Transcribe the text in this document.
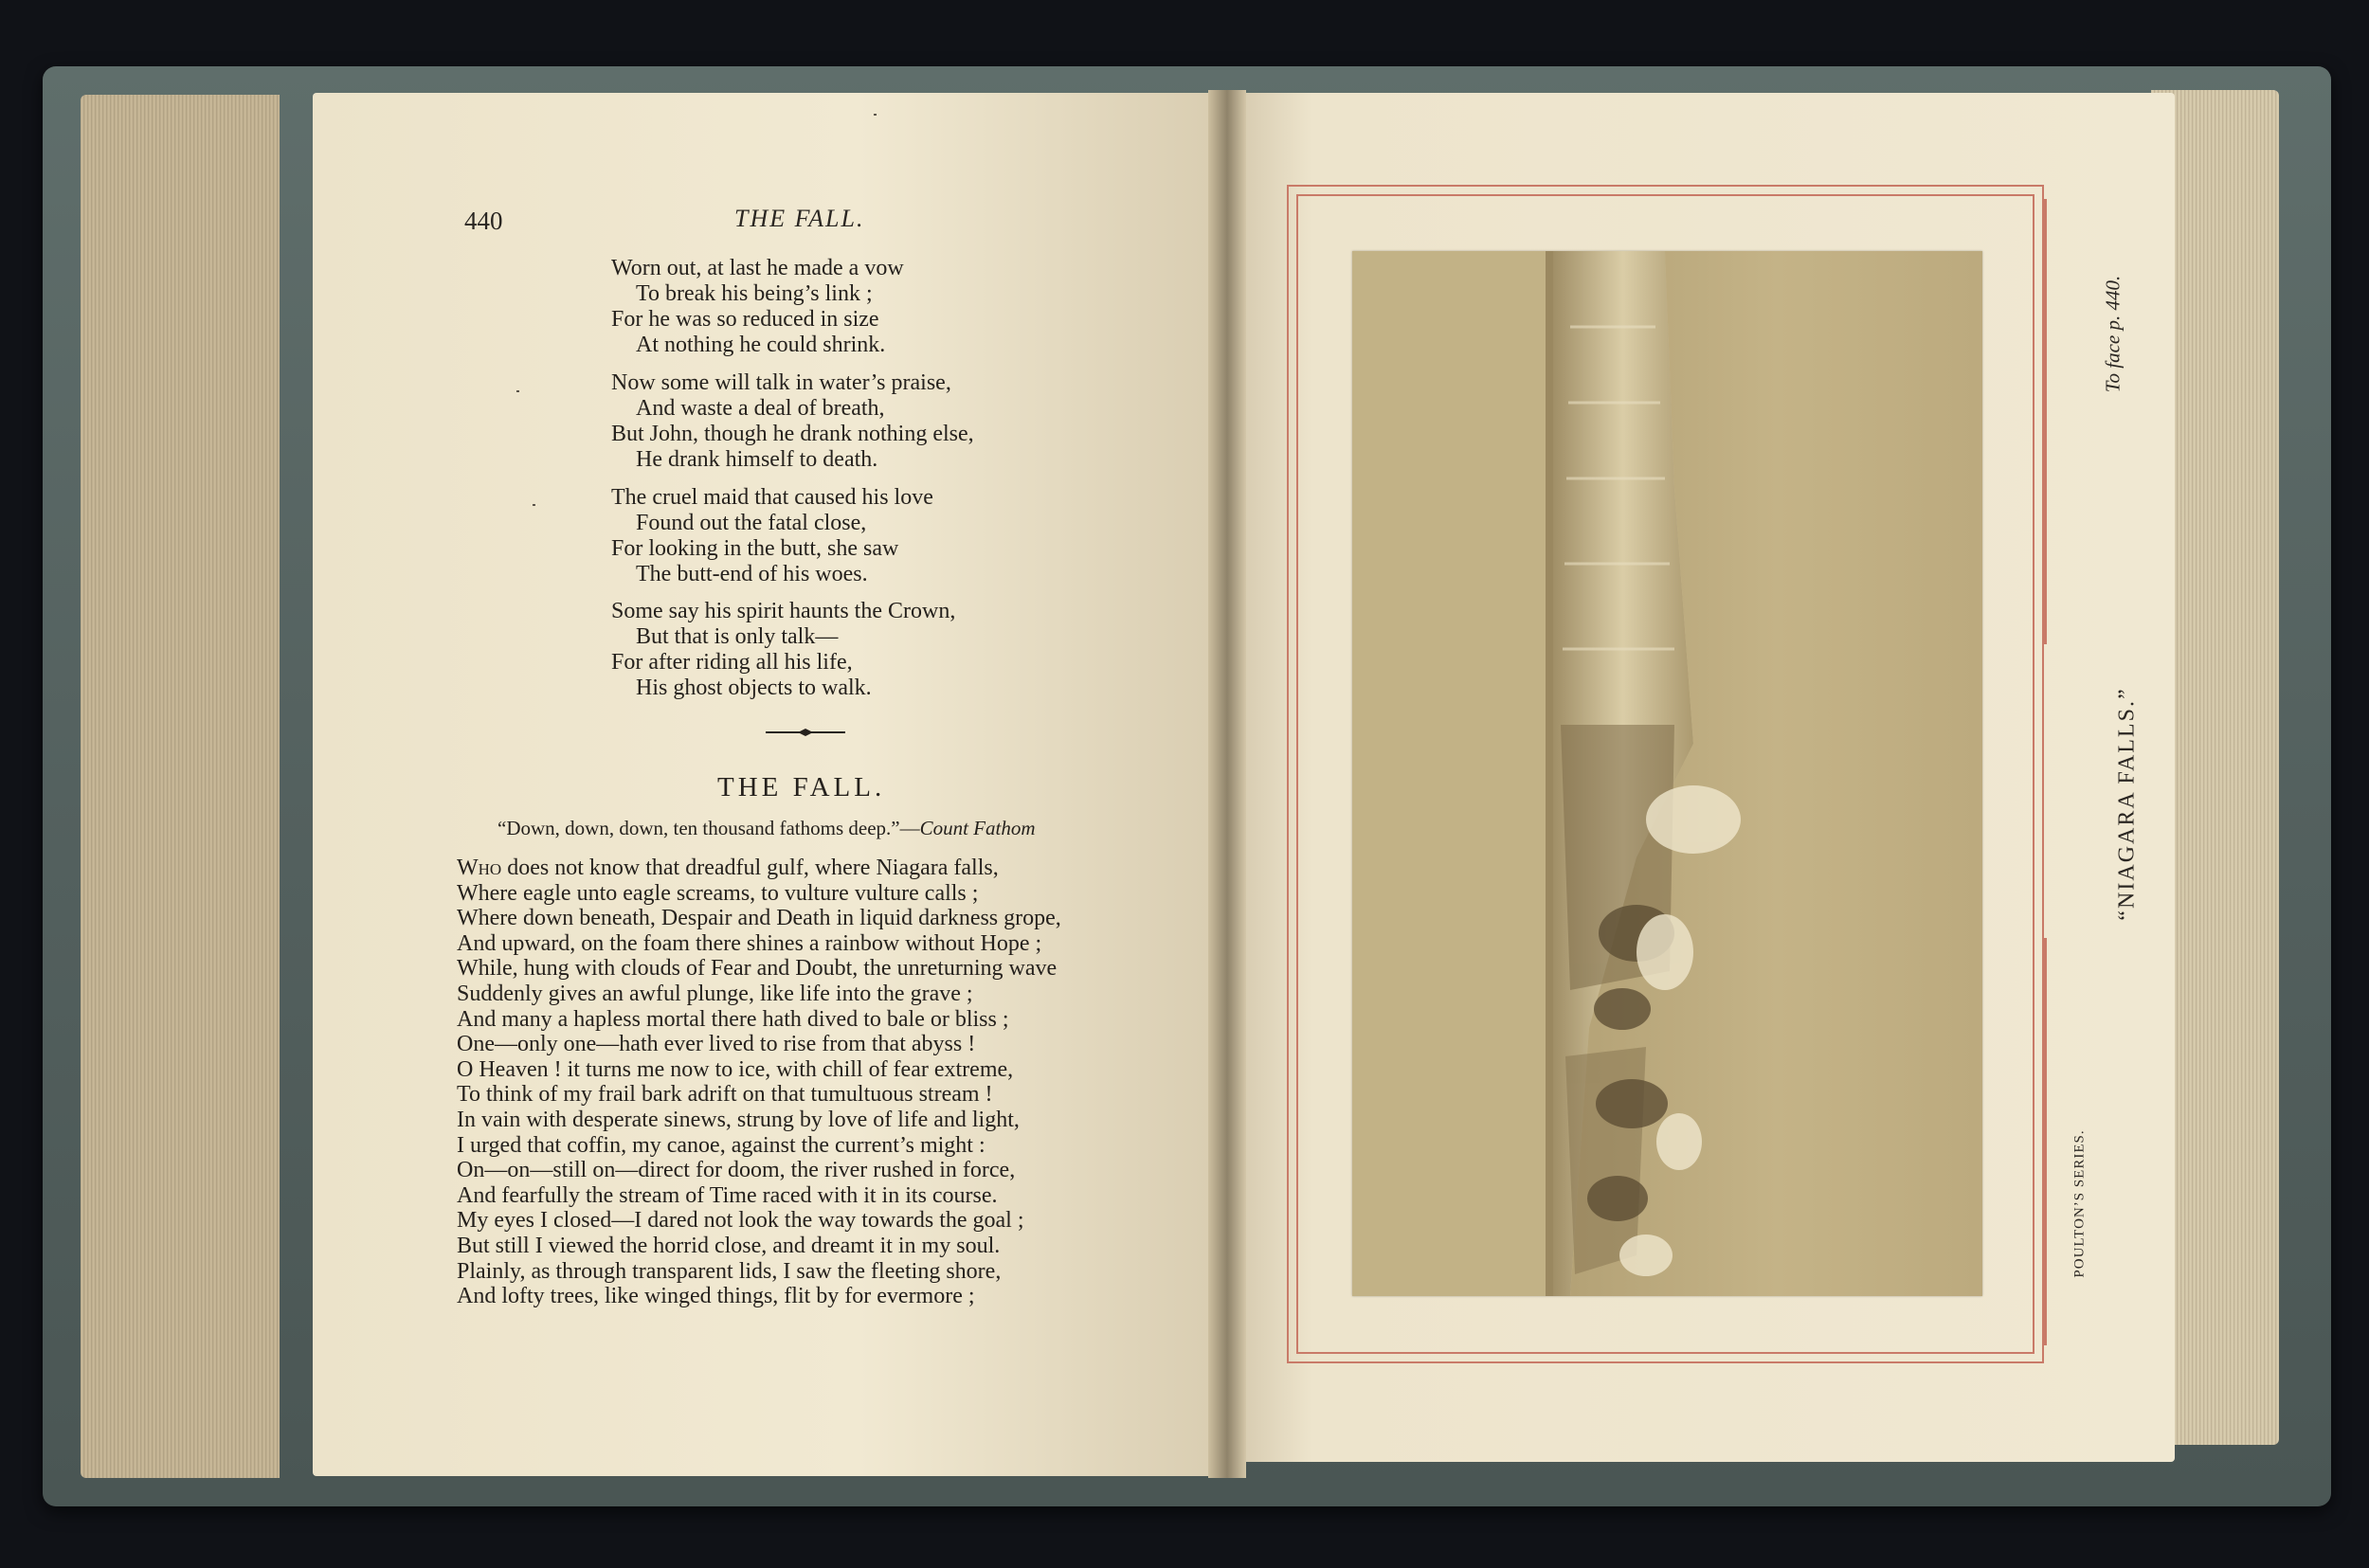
440	THE FALL.
Worn out, at last he made a vow
To break his being’s link ;
For he was so reduced in size
At nothing he could shrink.
Now some will talk in water’s praise,
And waste a deal of breath,
But John, though he drank nothing else,
He drank himself to death.
The cruel maid that caused his love
Found out the fatal close,
For looking in the butt, she saw
The butt-end of his woes.
Some say his spirit haunts the Crown,
But that is only talk—
For after riding all his life,
His ghost objects to walk.
THE FALL.
“Down, down, down, ten thousand fathoms deep.”—Count Fathom
Who does not know that dreadful gulf, where Niagara falls,
Where eagle unto eagle screams, to vulture vulture calls ;
Where down beneath, Despair and Death in liquid darkness grope,
And upward, on the foam there shines a rainbow without Hope ;
While, hung with clouds of Fear and Doubt, the unreturning wave
Suddenly gives an awful plunge, like life into the grave ;
And many a hapless mortal there hath dived to bale or bliss ;
One—only one—hath ever lived to rise from that abyss !
O Heaven ! it turns me now to ice, with chill of fear extreme,
To think of my frail bark adrift on that tumultuous stream !
In vain with desperate sinews, strung by love of life and light,
I urged that coffin, my canoe, against the current’s might :
On—on—still on—direct for doom, the river rushed in force,
And fearfully the stream of Time raced with it in its course.
My eyes I closed—I dared not look the way towards the goal ;
But still I viewed the horrid close, and dreamt it in my soul.
Plainly, as through transparent lids, I saw the fleeting shore,
And lofty trees, like winged things, flit by for evermore ;
“NIAGARA FALLS.”
To face p. 440.
POULTON’S SERIES.
